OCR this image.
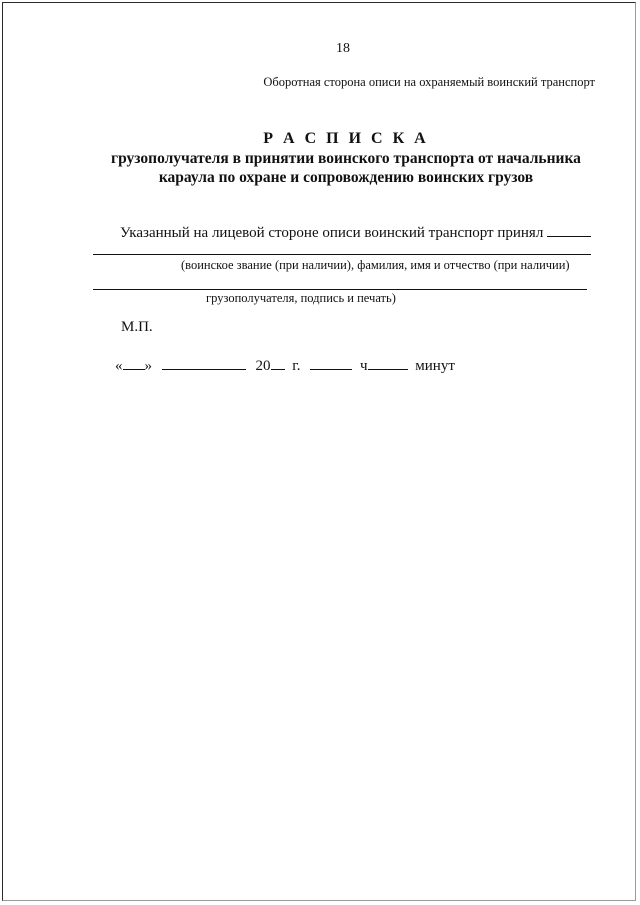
18
Оборотная сторона описи на охраняемый воинский транспорт
Р А С П И С К А
грузополучателя в принятии воинского транспорта от начальника
караула по охране и сопровождению воинских грузов
Указанный на лицевой стороне описи воинский транспорт принял
(воинское звание (при наличии), фамилия, имя и отчество (при наличии)
грузополучателя, подпись и печать)
М.П.
« »	20 г.	ч	минут
